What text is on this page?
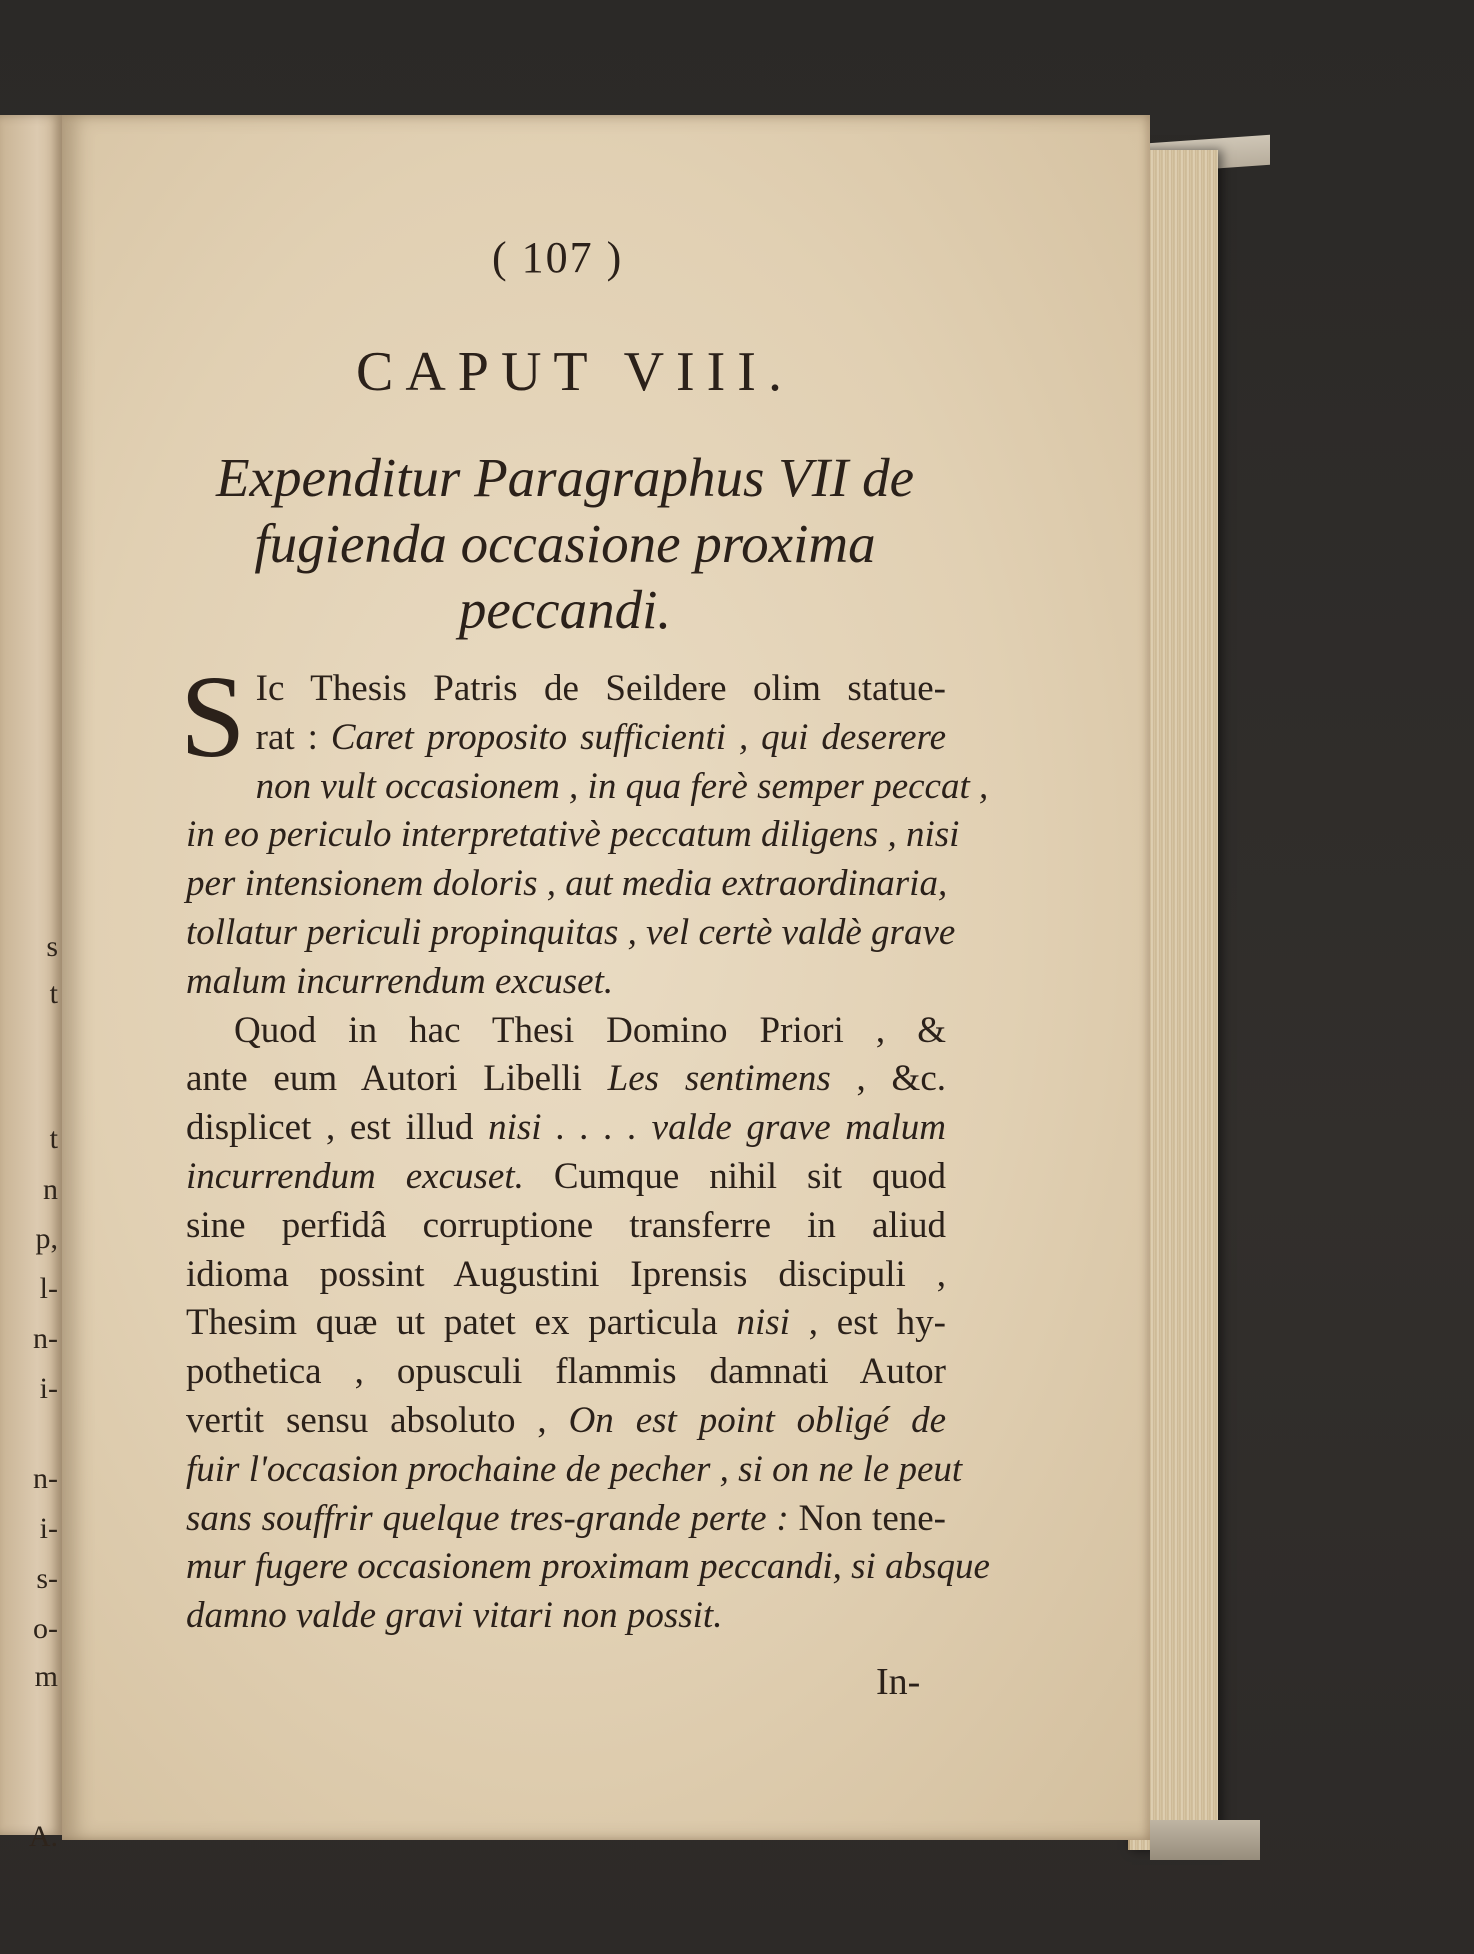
s
t
t
n
p,
l-
n-
i-
n-
i-
s-
o-
m
A.
( 107 )
CAPUT VIII.
Expenditur Paragraphus VII de
fugienda occasione proxima
peccandi.
S Ic Thesis Patris de Seildere olim statue-
rat : Caret proposito sufficienti , qui deserere
non vult occasionem , in qua ferè semper peccat ,
in eo periculo interpretativè peccatum diligens , nisi
per intensionem doloris , aut media extraordinaria,
tollatur periculi propinquitas , vel certè valdè grave
malum incurrendum excuset.
Quod in hac Thesi Domino Priori , &
ante eum Autori Libelli Les sentimens , &c.
displicet , est illud nisi . . . . valde grave malum
incurrendum excuset. Cumque nihil sit quod
sine perfidâ corruptione transferre in aliud
idioma possint Augustini Iprensis discipuli ,
Thesim quæ ut patet ex particula nisi , est hy-
pothetica , opusculi flammis damnati Autor
vertit sensu absoluto , On est point obligé de
fuir l'occasion prochaine de pecher , si on ne le peut
sans souffrir quelque tres-grande perte : Non tene-
mur fugere occasionem proximam peccandi, si absque
damno valde gravi vitari non possit.
In-
